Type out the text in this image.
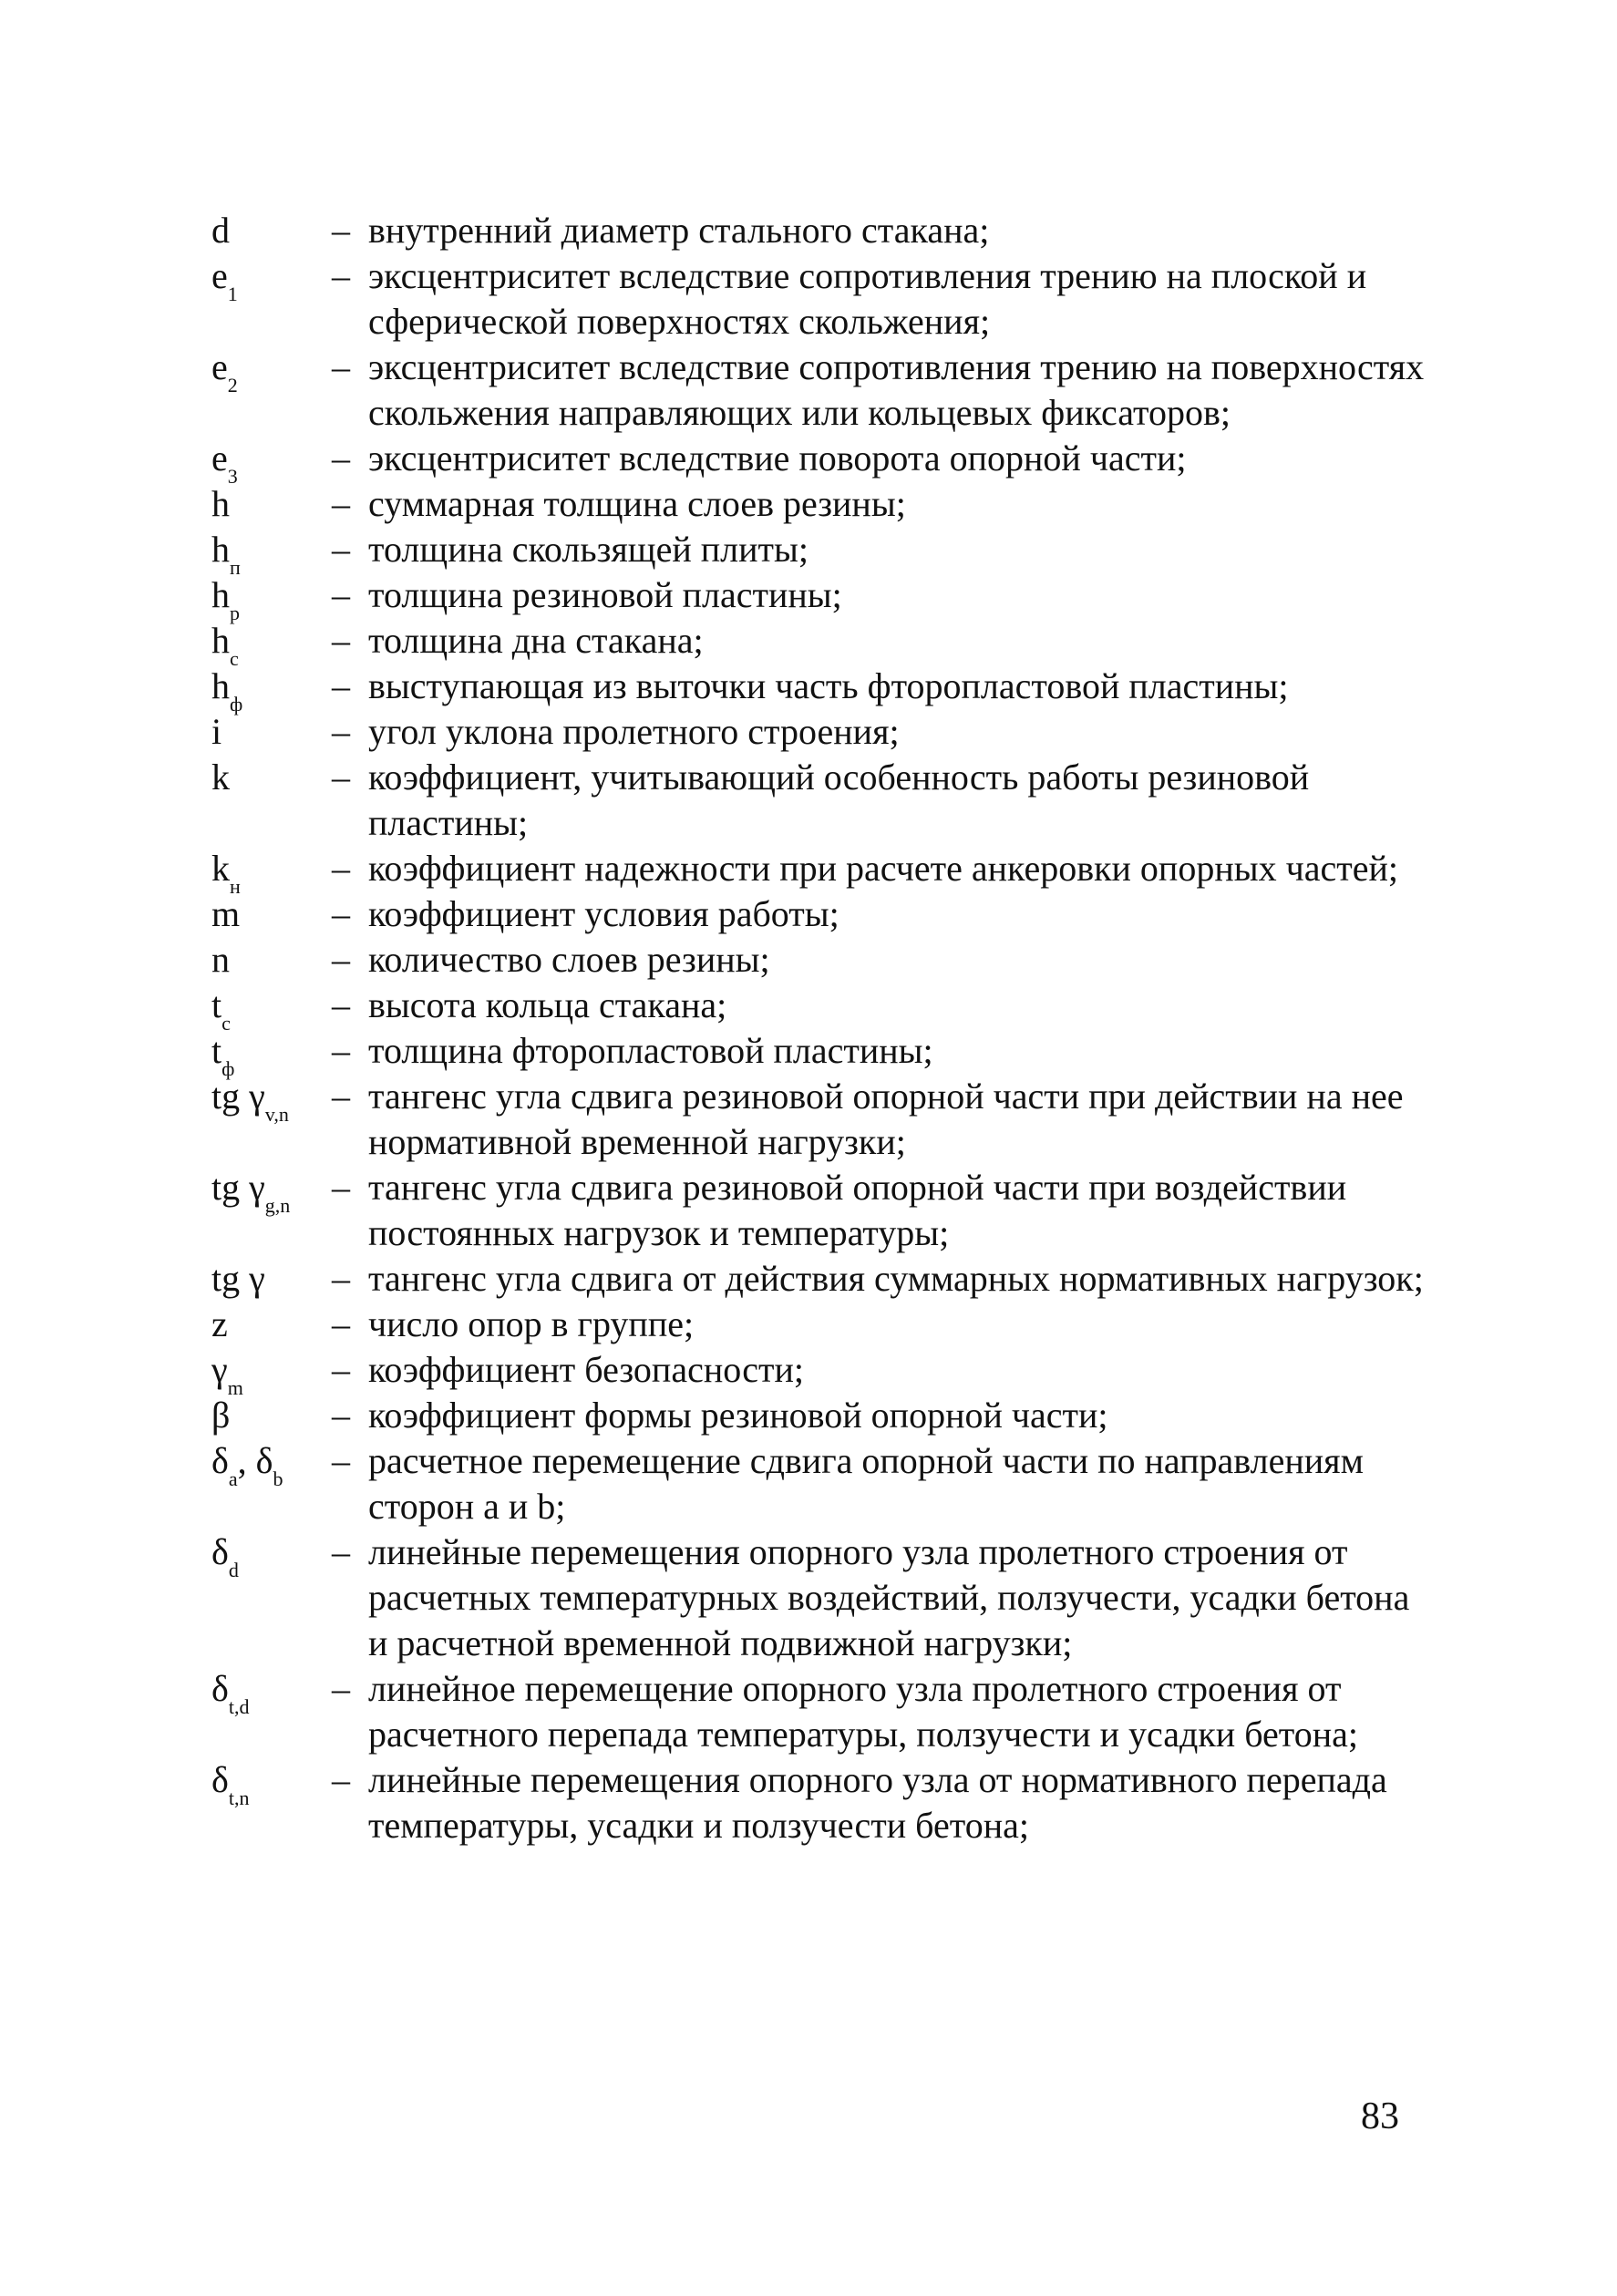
d	– внутренний диаметр стального стакана;
$e_1$	– эксцентриситет вследствие сопротивления трению на плоской и сферической поверхностях скольжения;
$e_2$	– эксцентриситет вследствие сопротивления трению на поверхностях скольжения направляющих или кольцевых фиксаторов;
$e_3$	– эксцентриситет вследствие поворота опорной части;
h	– суммарная толщина слоев резины;
$h_п$	– толщина скользящей плиты;
$h_р$	– толщина резиновой пластины;
$h_с$	– толщина дна стакана;
$h_ф$	– выступающая из выточки часть фторопластовой пластины;
i	– угол уклона пролетного строения;
k	– коэффициент, учитывающий особенность работы резиновой пластины;
$k_н$	– коэффициент надежности при расчете анкеровки опорных частей;
m	– коэффициент условия работы;
n	– количество слоев резины;
$t_с$	– высота кольца стакана;
$t_ф$	– толщина фторопластовой пластины;
tg $\gamma_{v,n}$	– тангенс угла сдвига резиновой опорной части при действии на нее нормативной временной нагрузки;
tg $\gamma_{g,n}$	– тангенс угла сдвига резиновой опорной части при воздействии постоянных нагрузок и температуры;
tg γ	– тангенс угла сдвига от действия суммарных нормативных нагрузок;
z	– число опор в группе;
$\gamma_m$	– коэффициент безопасности;
β	– коэффициент формы резиновой опорной части;
$\delta_a$, $\delta_b$	– расчетное перемещение сдвига опорной части по направлениям сторон а и b;
$\delta_d$	– линейные перемещения опорного узла пролетного строения от расчетных температурных воздействий, ползучести, усадки бетона и расчетной временной подвижной нагрузки;
$\delta_{t,d}$	– линейное перемещение опорного узла пролетного строения от расчетного перепада температуры, ползучести и усадки бетона;
$\delta_{t,n}$	– линейные перемещения опорного узла от нормативного перепада температуры, усадки и ползучести бетона;
83
